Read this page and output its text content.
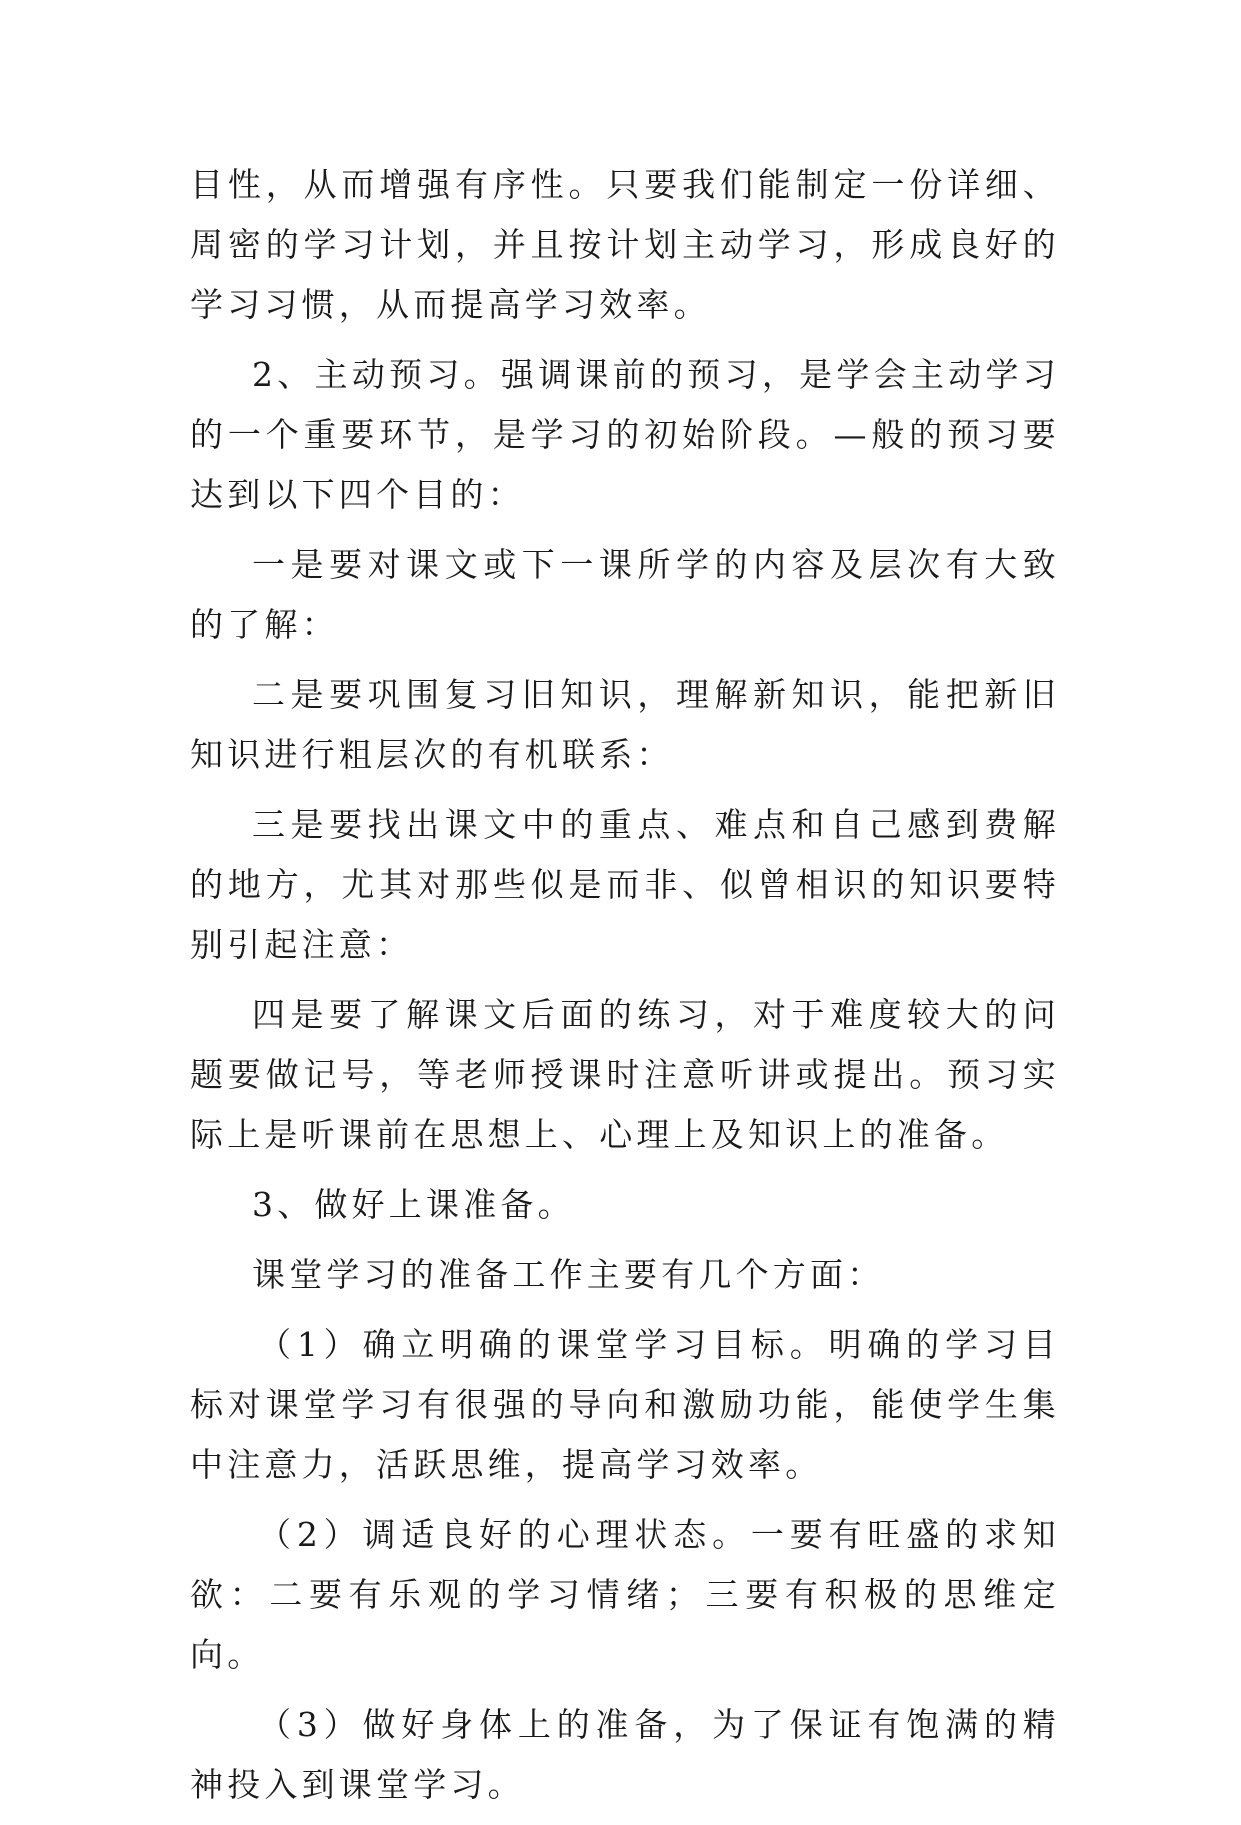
目性，从而增强有序性。只要我们能制定一份详细、周密的学习计划，并且按计划主动学习，形成良好的学习习惯，从而提高学习效率。

2、主动预习。强调课前的预习，是学会主动学习的一个重要环节，是学习的初始阶段。—般的预习要达到以下四个目的：

一是要对课文或下一课所学的内容及层次有大致的了解：

二是要巩围复习旧知识，理解新知识，能把新旧知识进行粗层次的有机联系：

三是要找出课文中的重点、难点和自己感到费解的地方，尤其对那些似是而非、似曾相识的知识要特别引起注意：

四是要了解课文后面的练习，对于难度较大的问题要做记号，等老师授课时注意听讲或提出。预习实际上是听课前在思想上、心理上及知识上的准备。

3、做好上课准备。

课堂学习的准备工作主要有几个方面：

（1）确立明确的课堂学习目标。明确的学习目标对课堂学习有很强的导向和激励功能，能使学生集中注意力，活跃思维，提高学习效率。

（2）调适良好的心理状态。一要有旺盛的求知欲：二要有乐观的学习情绪；三要有积极的思维定向。

（3）做好身体上的准备，为了保证有饱满的精神投入到课堂学习。
